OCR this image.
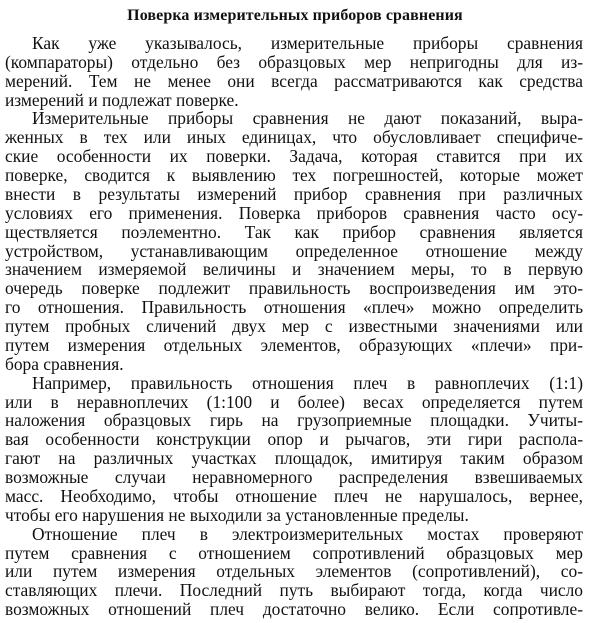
Поверка измерительных приборов сравнения
Как уже указывалось, измерительные приборы сравнения
(компараторы) отдельно без образцовых мер непригодны для из-
мерений. Тем не менее они всегда рассматриваются как средства
измерений и подлежат поверке.
Измерительные приборы сравнения не дают показаний, выра-
женных в тех или иных единицах, что обусловливает специфиче-
ские особенности их поверки. Задача, которая ставится при их
поверке, сводится к выявлению тех погрешностей, которые может
внести в результаты измерений прибор сравнения при различных
условиях его применения. Поверка приборов сравнения часто осу-
ществляется поэлементно. Так как прибор сравнения является
устройством, устанавливающим определенное отношение между
значением измеряемой величины и значением меры, то в первую
очередь поверке подлежит правильность воспроизведения им это-
го отношения. Правильность отношения «плеч» можно определить
путем пробных сличений двух мер с известными значениями или
путем измерения отдельных элементов, образующих «плечи» при-
бора сравнения.
Например, правильность отношения плеч в равноплечих (1:1)
или в неравноплечих (1:100 и более) весах определяется путем
наложения образцовых гирь на грузоприемные площадки. Учиты-
вая особенности конструкции опор и рычагов, эти гири распола-
гают на различных участках площадок, имитируя таким образом
возможные случаи неравномерного распределения взвешиваемых
масс. Необходимо, чтобы отношение плеч не нарушалось, вернее,
чтобы его нарушения не выходили за установленные пределы.
Отношение плеч в электроизмерительных мостах проверяют
путем сравнения с отношением сопротивлений образцовых мер
или путем измерения отдельных элементов (сопротивлений), со-
ставляющих плечи. Последний путь выбирают тогда, когда число
возможных отношений плеч достаточно велико. Если сопротивле-
